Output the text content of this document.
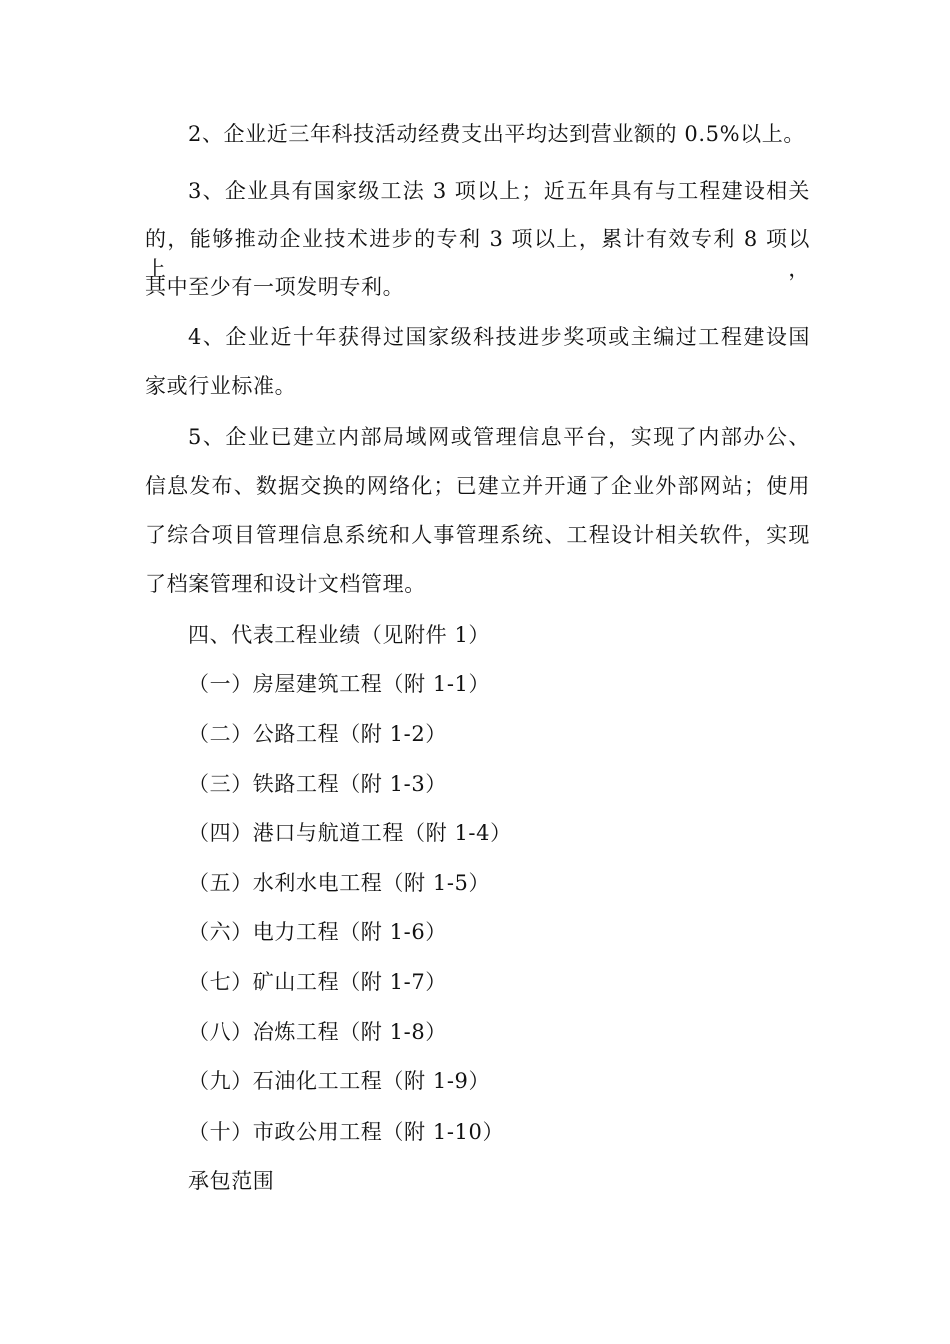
2、企业近三年科技活动经费支出平均达到营业额的 0.5%以上。
3、企业具有国家级工法 3 项以上；近五年具有与工程建设相关
的，能够推动企业技术进步的专利 3 项以上，累计有效专利 8 项以上，
其中至少有一项发明专利。
4、企业近十年获得过国家级科技进步奖项或主编过工程建设国
家或行业标准。
5、企业已建立内部局域网或管理信息平台，实现了内部办公、
信息发布、数据交换的网络化；已建立并开通了企业外部网站；使用
了综合项目管理信息系统和人事管理系统、工程设计相关软件，实现
了档案管理和设计文档管理。
四、代表工程业绩（见附件 1）
（一）房屋建筑工程（附 1-1）
（二）公路工程（附 1-2）
（三）铁路工程（附 1-3）
（四）港口与航道工程（附 1-4）
（五）水利水电工程（附 1-5）
（六）电力工程（附 1-6）
（七）矿山工程（附 1-7）
（八）冶炼工程（附 1-8）
（九）石油化工工程（附 1-9）
（十）市政公用工程（附 1-10）
承包范围
